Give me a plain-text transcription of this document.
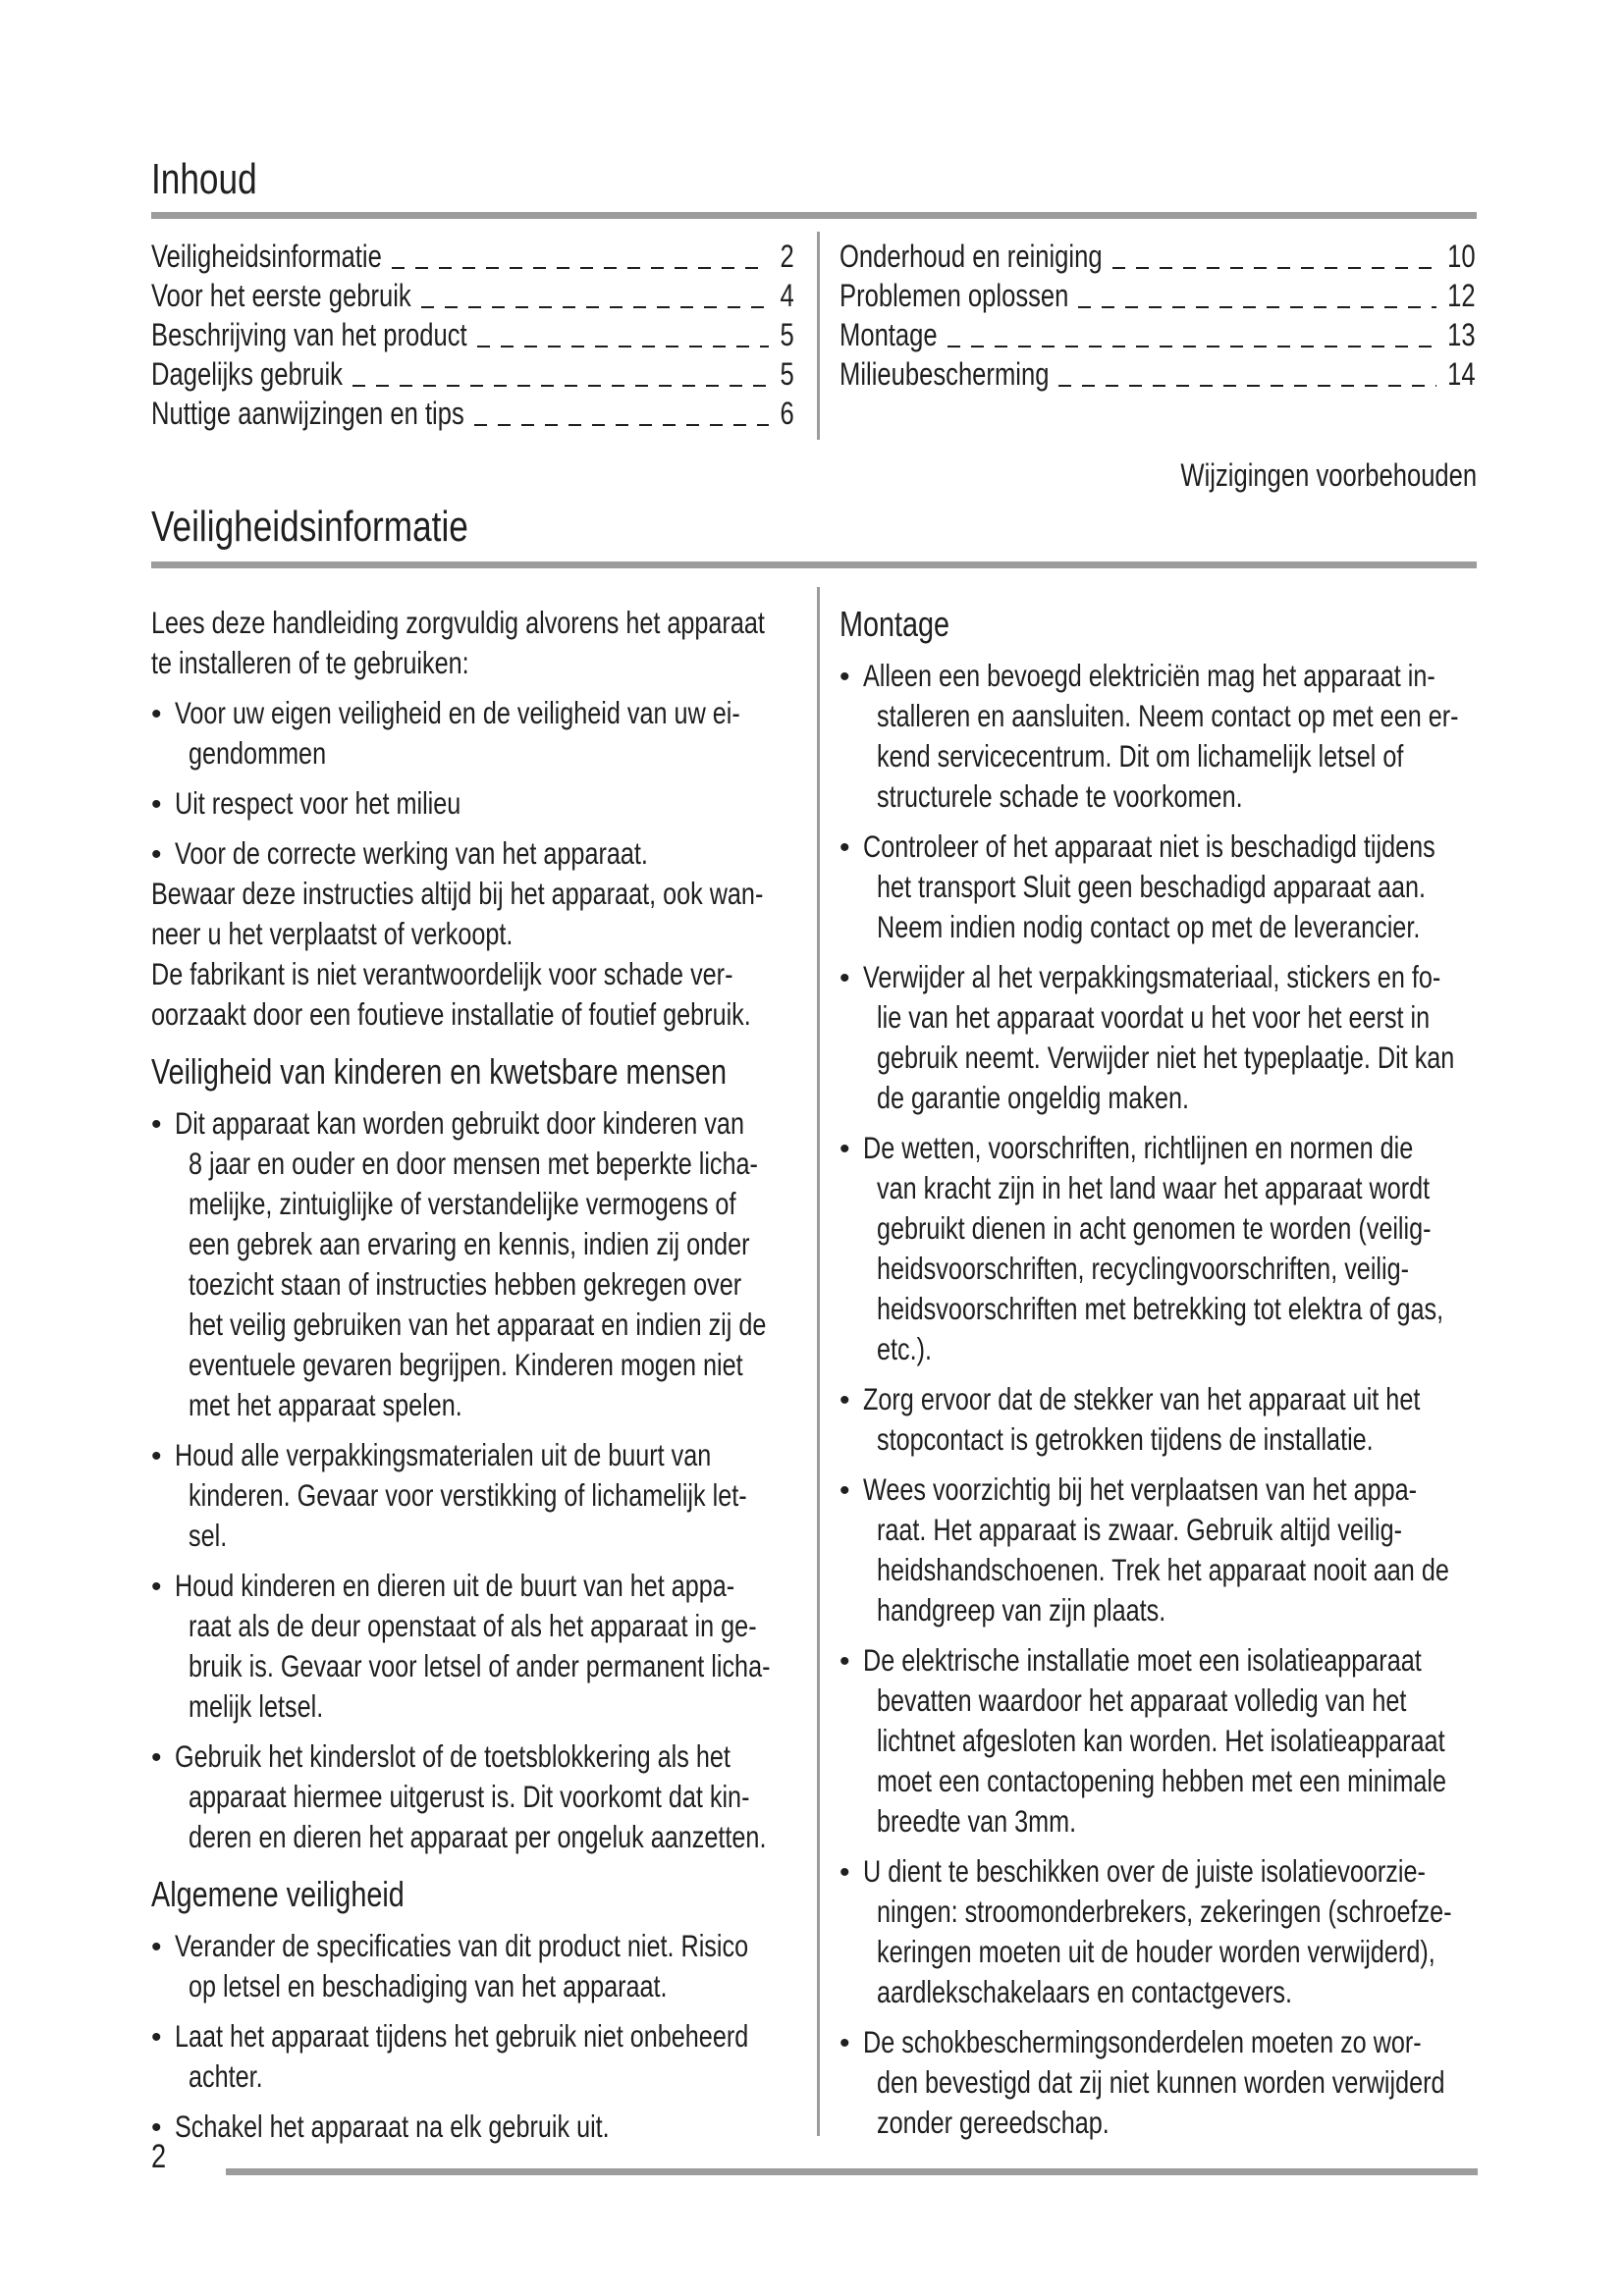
Inhoud
Veiligheidsinformatie	2
Voor het eerste gebruik	4
Beschrijving van het product	5
Dagelijks gebruik	5
Nuttige aanwijzingen en tips	6
Onderhoud en reiniging	10
Problemen oplossen	12
Montage	13
Milieubescherming	14
Wijzigingen voorbehouden
Veiligheidsinformatie

Lees deze handleiding zorgvuldig alvorens het apparaat
te installeren of te gebruiken:

•
Voor uw eigen veiligheid en de veiligheid van uw ei-
gendommen
•
Uit respect voor het milieu
•
Voor de correcte werking van het apparaat.

Bewaar deze instructies altijd bij het apparaat, ook wan-
neer u het verplaatst of verkoopt.

De fabrikant is niet verantwoordelijk voor schade ver-
oorzaakt door een foutieve installatie of foutief gebruik.

Veiligheid van kinderen en kwetsbare mensen
•
Dit apparaat kan worden gebruikt door kinderen van
8 jaar en ouder en door mensen met beperkte licha-
melijke, zintuiglijke of verstandelijke vermogens of
een gebrek aan ervaring en kennis, indien zij onder
toezicht staan of instructies hebben gekregen over
het veilig gebruiken van het apparaat en indien zij de
eventuele gevaren begrijpen. Kinderen mogen niet
met het apparaat spelen.
•
Houd alle verpakkingsmaterialen uit de buurt van
kinderen. Gevaar voor verstikking of lichamelijk let-
sel.
•
Houd kinderen en dieren uit de buurt van het appa-
raat als de deur openstaat of als het apparaat in ge-
bruik is. Gevaar voor letsel of ander permanent licha-
melijk letsel.
•
Gebruik het kinderslot of de toetsblokkering als het
apparaat hiermee uitgerust is. Dit voorkomt dat kin-
deren en dieren het apparaat per ongeluk aanzetten.
Algemene veiligheid
•
Verander de specificaties van dit product niet. Risico
op letsel en beschadiging van het apparaat.
•
Laat het apparaat tijdens het gebruik niet onbeheerd
achter.
•
Schakel het apparaat na elk gebruik uit.
Montage
•
Alleen een bevoegd elektriciën mag het apparaat in-
stalleren en aansluiten. Neem contact op met een er-
kend servicecentrum. Dit om lichamelijk letsel of
structurele schade te voorkomen.
•
Controleer of het apparaat niet is beschadigd tijdens
het transport Sluit geen beschadigd apparaat aan.
Neem indien nodig contact op met de leverancier.
•
Verwijder al het verpakkingsmateriaal, stickers en fo-
lie van het apparaat voordat u het voor het eerst in
gebruik neemt. Verwijder niet het typeplaatje. Dit kan
de garantie ongeldig maken.
•
De wetten, voorschriften, richtlijnen en normen die
van kracht zijn in het land waar het apparaat wordt
gebruikt dienen in acht genomen te worden (veilig-
heidsvoorschriften, recyclingvoorschriften, veilig-
heidsvoorschriften met betrekking tot elektra of gas,
etc.).
•
Zorg ervoor dat de stekker van het apparaat uit het
stopcontact is getrokken tijdens de installatie.
•
Wees voorzichtig bij het verplaatsen van het appa-
raat. Het apparaat is zwaar. Gebruik altijd veilig-
heidshandschoenen. Trek het apparaat nooit aan de
handgreep van zijn plaats.
•
De elektrische installatie moet een isolatieapparaat
bevatten waardoor het apparaat volledig van het
lichtnet afgesloten kan worden. Het isolatieapparaat
moet een contactopening hebben met een minimale
breedte van 3mm.
•
U dient te beschikken over de juiste isolatievoorzie-
ningen: stroomonderbrekers, zekeringen (schroefze-
keringen moeten uit de houder worden verwijderd),
aardlekschakelaars en contactgevers.
•
De schokbeschermingsonderdelen moeten zo wor-
den bevestigd dat zij niet kunnen worden verwijderd
zonder gereedschap.
2
